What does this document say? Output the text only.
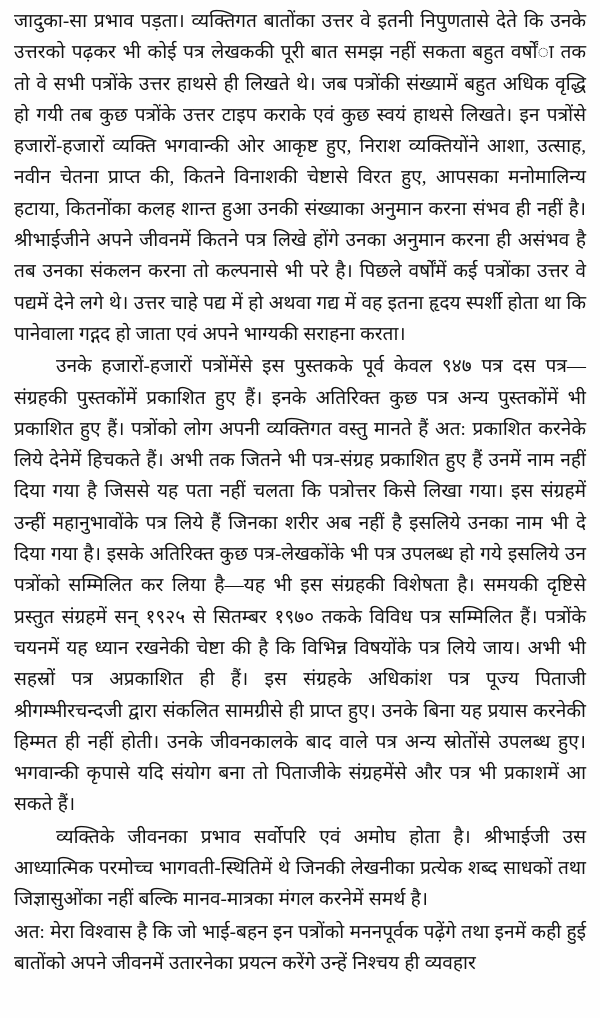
जादुका-सा प्रभाव पड़ता। व्यक्तिगत बातोंका उत्तर वे इतनी निपुणतासे देते कि उनके उत्तरको पढ़कर भी कोई पत्र लेखककी पूरी बात समझ नहीं सकता बहुत वर्षोंा तक तो वे सभी पत्रोंके उत्तर हाथसे ही लिखते थे। जब पत्रोंकी संख्यामें बहुत अधिक वृद्धि हो गयी तब कुछ पत्रोंके उत्तर टाइप कराके एवं कुछ स्वयं हाथसे लिखते। इन पत्रोंसे हजारों-हजारों व्यक्ति भगवान्की ओर आकृष्ट हुए, निराश व्यक्तियोंने आशा, उत्साह, नवीन चेतना प्राप्त की, कितने विनाशकी चेष्टासे विरत हुए, आपसका मनोमालिन्य हटाया, कितनोंका कलह शान्त हुआ उनकी संख्याका अनुमान करना संभव ही नहीं है। श्रीभाईजीने अपने जीवनमें कितने पत्र लिखे होंगे उनका अनुमान करना ही असंभव है तब उनका संकलन करना तो कल्पनासे भी परे है। पिछले वर्षोंमें कई पत्रोंका उत्तर वे पद्यमें देने लगे थे। उत्तर चाहे पद्य में हो अथवा गद्य में वह इतना हृदय स्पर्शी होता था कि पानेवाला गद्गद हो जाता एवं अपने भाग्यकी सराहना करता।

उनके हजारों-हजारों पत्रोंमेंसे इस पुस्तकके पूर्व केवल ९४७ पत्र दस पत्र—संग्रहकी पुस्तकोंमें प्रकाशित हुए हैं। इनके अतिरिक्त कुछ पत्र अन्य पुस्तकोंमें भी प्रकाशित हुए हैं। पत्रोंको लोग अपनी व्यक्तिगत वस्तु मानते हैं अत: प्रकाशित करनेके लिये देनेमें हिचकते हैं। अभी तक जितने भी पत्र-संग्रह प्रकाशित हुए हैं उनमें नाम नहीं दिया गया है जिससे यह पता नहीं चलता कि पत्रोत्तर किसे लिखा गया। इस संग्रहमें उन्हीं महानुभावोंके पत्र लिये हैं जिनका शरीर अब नहीं है इसलिये उनका नाम भी दे दिया गया है। इसके अतिरिक्त कुछ पत्र-लेखकोंके भी पत्र उपलब्ध हो गये इसलिये उन पत्रोंको सम्मिलित कर लिया है—यह भी इस संग्रहकी विशेषता है। समयकी दृष्टिसे प्रस्तुत संग्रहमें सन् १९२५ से सितम्बर १९७० तकके विविध पत्र सम्मिलित हैं। पत्रोंके चयनमें यह ध्यान रखनेकी चेष्टा की है कि विभिन्न विषयोंके पत्र लिये जाय। अभी भी सहस्रों पत्र अप्रकाशित ही हैं। इस संग्रहके अधिकांश पत्र पूज्य पिताजी श्रीगम्भीरचन्दजी द्वारा संकलित सामग्रीसे ही प्राप्त हुए। उनके बिना यह प्रयास करनेकी हिम्मत ही नहीं होती। उनके जीवनकालके बाद वाले पत्र अन्य स्रोतोंसे उपलब्ध हुए। भगवान्की कृपासे यदि संयोग बना तो पिताजीके संग्रहमेंसे और पत्र भी प्रकाशमें आ सकते हैं।

व्यक्तिके जीवनका प्रभाव सर्वोपरि एवं अमोघ होता है। श्रीभाईजी उस आध्यात्मिक परमोच्च भागवती-स्थितिमें थे जिनकी लेखनीका प्रत्येक शब्द साधकों तथा जिज्ञासुओंका नहीं बल्कि मानव-मात्रका मंगल करनेमें समर्थ है।

अत: मेरा विश्वास है कि जो भाई-बहन इन पत्रोंको मननपूर्वक पढ़ेंगे तथा इनमें कही हुई बातोंको अपने जीवनमें उतारनेका प्रयत्न करेंगे उन्हें निश्चय ही व्यवहार
